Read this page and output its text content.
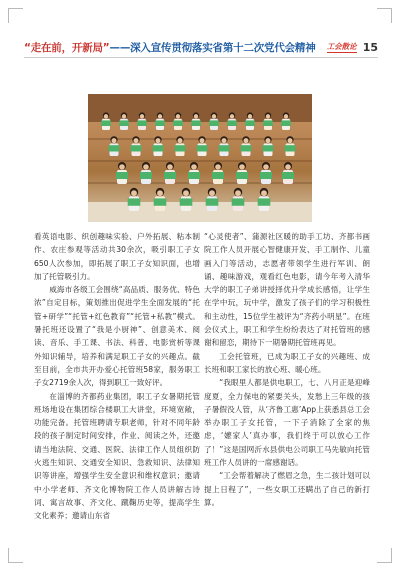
“走在前，开新局”——深入宣传贯彻落实省第十二次党代会精神 工会散论 15

看英语电影、织创趣味实验、户外拓展、粘本制作、农庄参观等活动共30余次，吸引职工子女650人次参加，即拓展了职工子女知识面，也增加了托管吸引力。

威海市各级工会围绕“高品质、服务优、特色浓”自定目标，策划推出促进学生全面发展的“托管+研学”“托管+红色教育”“托管+私教”模式。暑托班还设置了“我是小厨神”、创意美术、阅读、音乐、手工课、书法、科普、电影赏析等课外知识辅导，培养和满足职工子女的兴趣点。截至目前，全市共开办爱心托管班58家，服务职工子女2719余人次，得到职工一致好评。

在淄博的齐都药业集团，职工子女暑期托管班场地设在集团综合楼职工大讲堂，环境宽敞，功能完备。托管班聘请专职老师，针对不同年龄段的孩子制定时间安排，作业、阅读之外，还邀请当地法院、交通、医院、法律工作人员组织防火逃生知识、交通安全知识、急救知识、法律知识等讲座，增强学生安全意识和维权意识；邀请中小学老师、齐文化博物院工作人员讲解古诗词、寓言故事、齐文化、蹴鞠历史等，提高学生文化素养；邀请山东省

“心灵使者”、蒲源社区暖的助手工坊、齐都书画院工作人员开展心智健康开发、手工制作、儿童画入门等活动，志愿者带领学生进行军训、朗诵、趣味游戏，观看红色电影，请今年考入清华大学的职工子弟讲授择优升学成长感悟，让学生在学中玩，玩中学，激发了孩子们的学习积极性和主动性，15位学生被评为“齐药小明星”。在班会仪式上，职工和学生纷纷表达了对托管班的感谢和留恋，期待下一期暑期托管班再见。

工会托管班，已成为职工子女的兴趣班、成长班和职工家长的放心班、暖心班。

“我眼里人都是供电职工，七、八月正是迎峰度夏，全力保电的紧要关头，发愁上三年级的孩子暑假没人管，从‘齐鲁工惠’App上获悉县总工会举办职工子女托管，一下子消除了全家的焦虑，‘嬷家人’真办事，我们终于可以放心工作了！”这是国网沂水县供电公司职工马先敏向托管班工作人员讲的一席感谢话。

“工会帮着解决了燃眉之急，生二孩计划可以提上日程了”，一些女职工还瞒出了自己的新打算。
